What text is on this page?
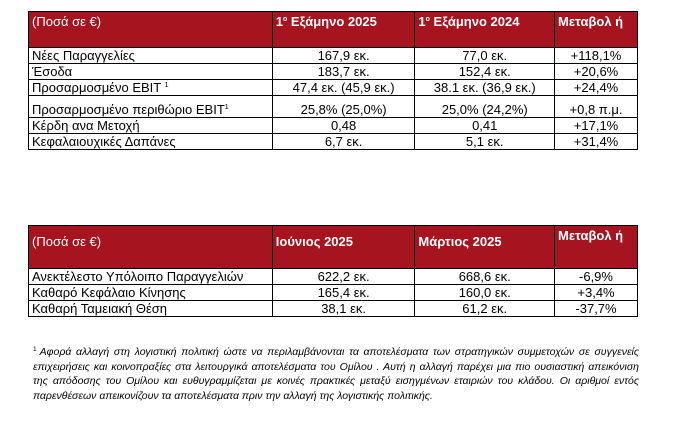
(Ποσά σε €)	$1^o$ Εξάμηνο 2025	$1^o$ Εξάμηνο 2024	Μεταβολ ή
Νέες Παραγγελίες	167,9 εκ.	77,0 εκ.	+118,1%
Έσοδα	183,7 εκ.	152,4 εκ.	+20,6%
Προσαρμοσμένο EBIT $^1$	47,4 εκ. (45,9 εκ.)	38.1 εκ. (36,9 εκ.)	+24,4%
Προσαρμοσμένο περιθώριο EBIT$^1$	25,8% (25,0%)	25,0% (24,2%)	+0,8 π.μ.
Κέρδη ανα Μετοχή	0,48	0,41	+17,1%
Κεφαλαιουχικές Δαπάνες	6,7 εκ.	5,1 εκ.	+31,4%
(Ποσά σε €)	Ιούνιος 2025	Μάρτιος 2025	Μεταβολ ή
Ανεκτέλεστο Υπόλοιπο Παραγγελιών	622,2 εκ.	668,6 εκ.	-6,9%
Καθαρό Κεφάλαιο Κίνησης	165,4 εκ.	160,0 εκ.	+3,4%
Καθαρή Ταμειακή Θέση	38,1 εκ.	61,2 εκ.	-37,7%

$^1$ Αφορά αλλαγή στη λογιστική πολιτική ώστε να περιλαμβάνονται τα αποτελέσματα των στρατηγικών συμμετοχών σε συγγενείς επιχειρήσεις και κοινοπραξίες στα λειτουργικά αποτελέσματα του Ομίλου . Αυτή η αλλαγή παρέχει μια πιο ουσιαστική απεικόνιση της απόδοσης του Ομίλου και ευθυγραμμίζεται με κοινές πρακτικές μεταξύ εισηγμένων εταιριών του κλάδου. Οι αριθμοί εντός παρενθέσεων απεικονίζουν τα αποτελέσματα πριν την αλλαγή της λογιστικής πολιτικής.
